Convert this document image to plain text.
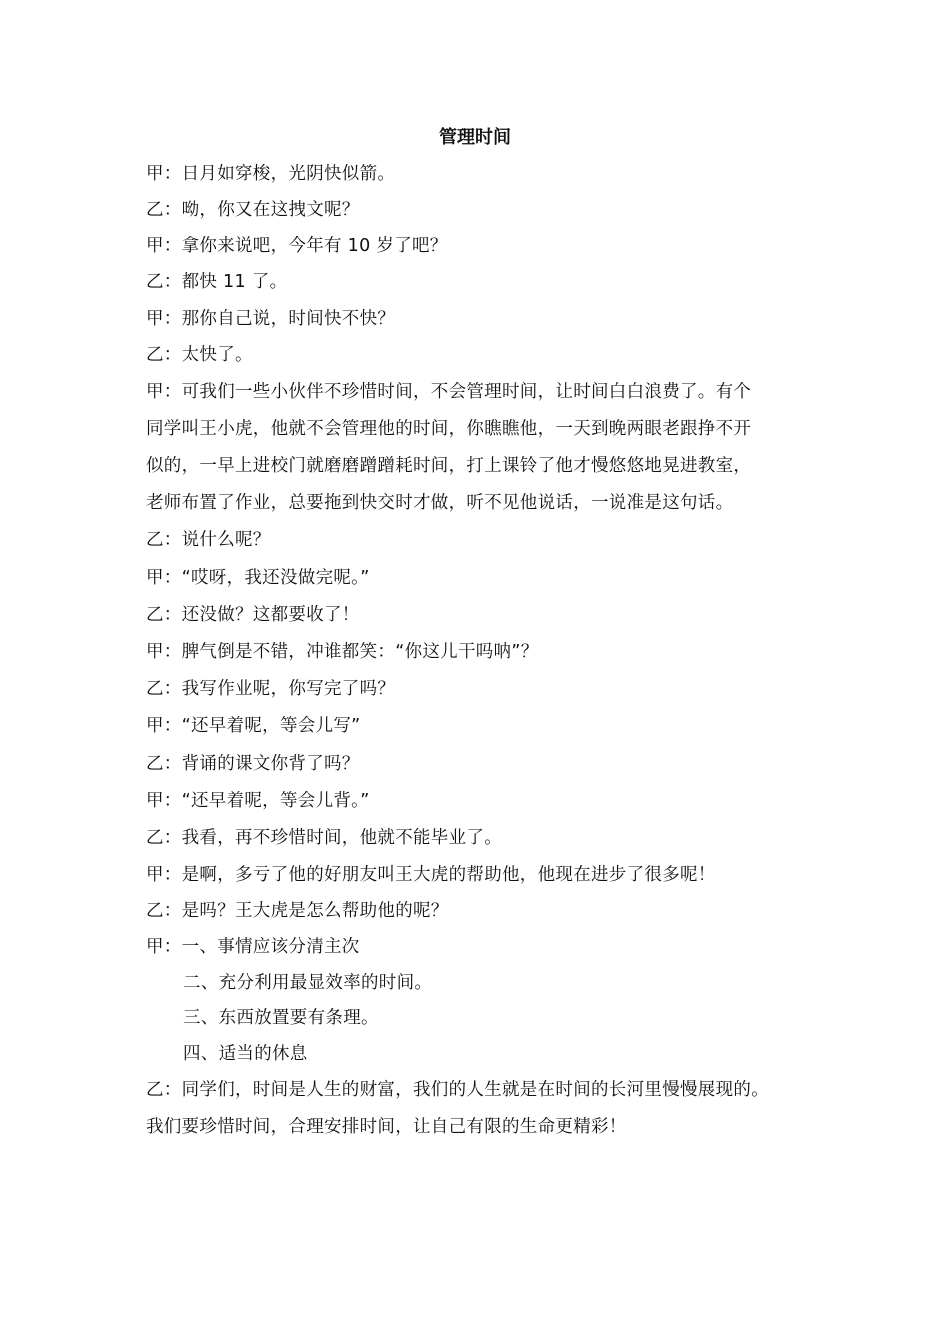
管理时间
甲：日月如穿梭，光阴快似箭。
乙：呦，你又在这拽文呢？
甲：拿你来说吧，今年有 10 岁了吧？
乙：都快 11 了。
甲：那你自己说，时间快不快？
乙：太快了。
甲：可我们一些小伙伴不珍惜时间，不会管理时间，让时间白白浪费了。有个
同学叫王小虎，他就不会管理他的时间，你瞧瞧他，一天到晚两眼老跟挣不开
似的，一早上进校门就磨磨蹭蹭耗时间，打上课铃了他才慢悠悠地晃进教室，
老师布置了作业，总要拖到快交时才做，听不见他说话，一说准是这句话。
乙：说什么呢？
甲：“哎呀，我还没做完呢。”
乙：还没做？这都要收了！
甲：脾气倒是不错，冲谁都笑：“你这儿干吗呐”？
乙：我写作业呢，你写完了吗？
甲：“还早着呢，等会儿写”
乙：背诵的课文你背了吗？
甲：“还早着呢，等会儿背。”
乙：我看，再不珍惜时间，他就不能毕业了。
甲：是啊，多亏了他的好朋友叫王大虎的帮助他，他现在进步了很多呢！
乙：是吗？王大虎是怎么帮助他的呢？
甲：一、事情应该分清主次
二、充分利用最显效率的时间。
三、东西放置要有条理。
四、适当的休息
乙：同学们，时间是人生的财富，我们的人生就是在时间的长河里慢慢展现的。
我们要珍惜时间，合理安排时间，让自己有限的生命更精彩！
